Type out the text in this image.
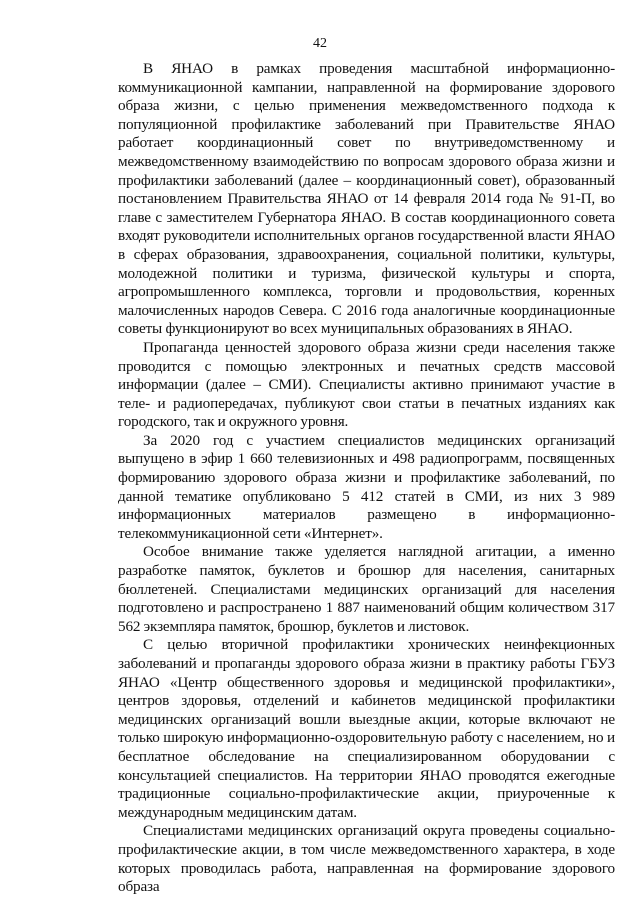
42

В ЯНАО в рамках проведения масштабной информационно-коммуникационной кампании, направленной на формирование здорового образа жизни, с целью применения межведомственного подхода к популяционной профилактике заболеваний при Правительстве ЯНАО работает координационный совет по внутриведомственному и межведомственному взаимодействию по вопросам здорового образа жизни и профилактики заболеваний (далее – координационный совет), образованный постановлением Правительства ЯНАО от 14 февраля 2014 года № 91-П, во главе с заместителем Губернатора ЯНАО. В состав координационного совета входят руководители исполнительных органов государственной власти ЯНАО в сферах образования, здравоохранения, социальной политики, культуры, молодежной политики и туризма, физической культуры и спорта, агропромышленного комплекса, торговли и продовольствия, коренных малочисленных народов Севера. С 2016 года аналогичные координационные советы функционируют во всех муниципальных образованиях в ЯНАО.

Пропаганда ценностей здорового образа жизни среди населения также проводится с помощью электронных и печатных средств массовой информации (далее – СМИ). Специалисты активно принимают участие в теле- и радиопередачах, публикуют свои статьи в печатных изданиях как городского, так и окружного уровня.

За 2020 год с участием специалистов медицинских организаций выпущено в эфир 1 660 телевизионных и 498 радиопрограмм, посвященных формированию здорового образа жизни и профилактике заболеваний, по данной тематике опубликовано 5 412 статей в СМИ, из них 3 989 информационных материалов размещено в информационно-телекоммуникационной сети «Интернет».

Особое внимание также уделяется наглядной агитации, а именно разработке памяток, буклетов и брошюр для населения, санитарных бюллетеней. Специалистами медицинских организаций для населения подготовлено и распространено 1 887 наименований общим количеством 317 562 экземпляра памяток, брошюр, буклетов и листовок.

С целью вторичной профилактики хронических неинфекционных заболеваний и пропаганды здорового образа жизни в практику работы ГБУЗ ЯНАО «Центр общественного здоровья и медицинской профилактики», центров здоровья, отделений и кабинетов медицинской профилактики медицинских организаций вошли выездные акции, которые включают не только широкую информационно-оздоровительную работу с населением, но и бесплатное обследование на специализированном оборудовании с консультацией специалистов. На территории ЯНАО проводятся ежегодные традиционные социально-профилактические акции, приуроченные к международным медицинским датам.

Специалистами медицинских организаций округа проведены социально-профилактические акции, в том числе межведомственного характера, в ходе которых проводилась работа, направленная на формирование здорового образа
